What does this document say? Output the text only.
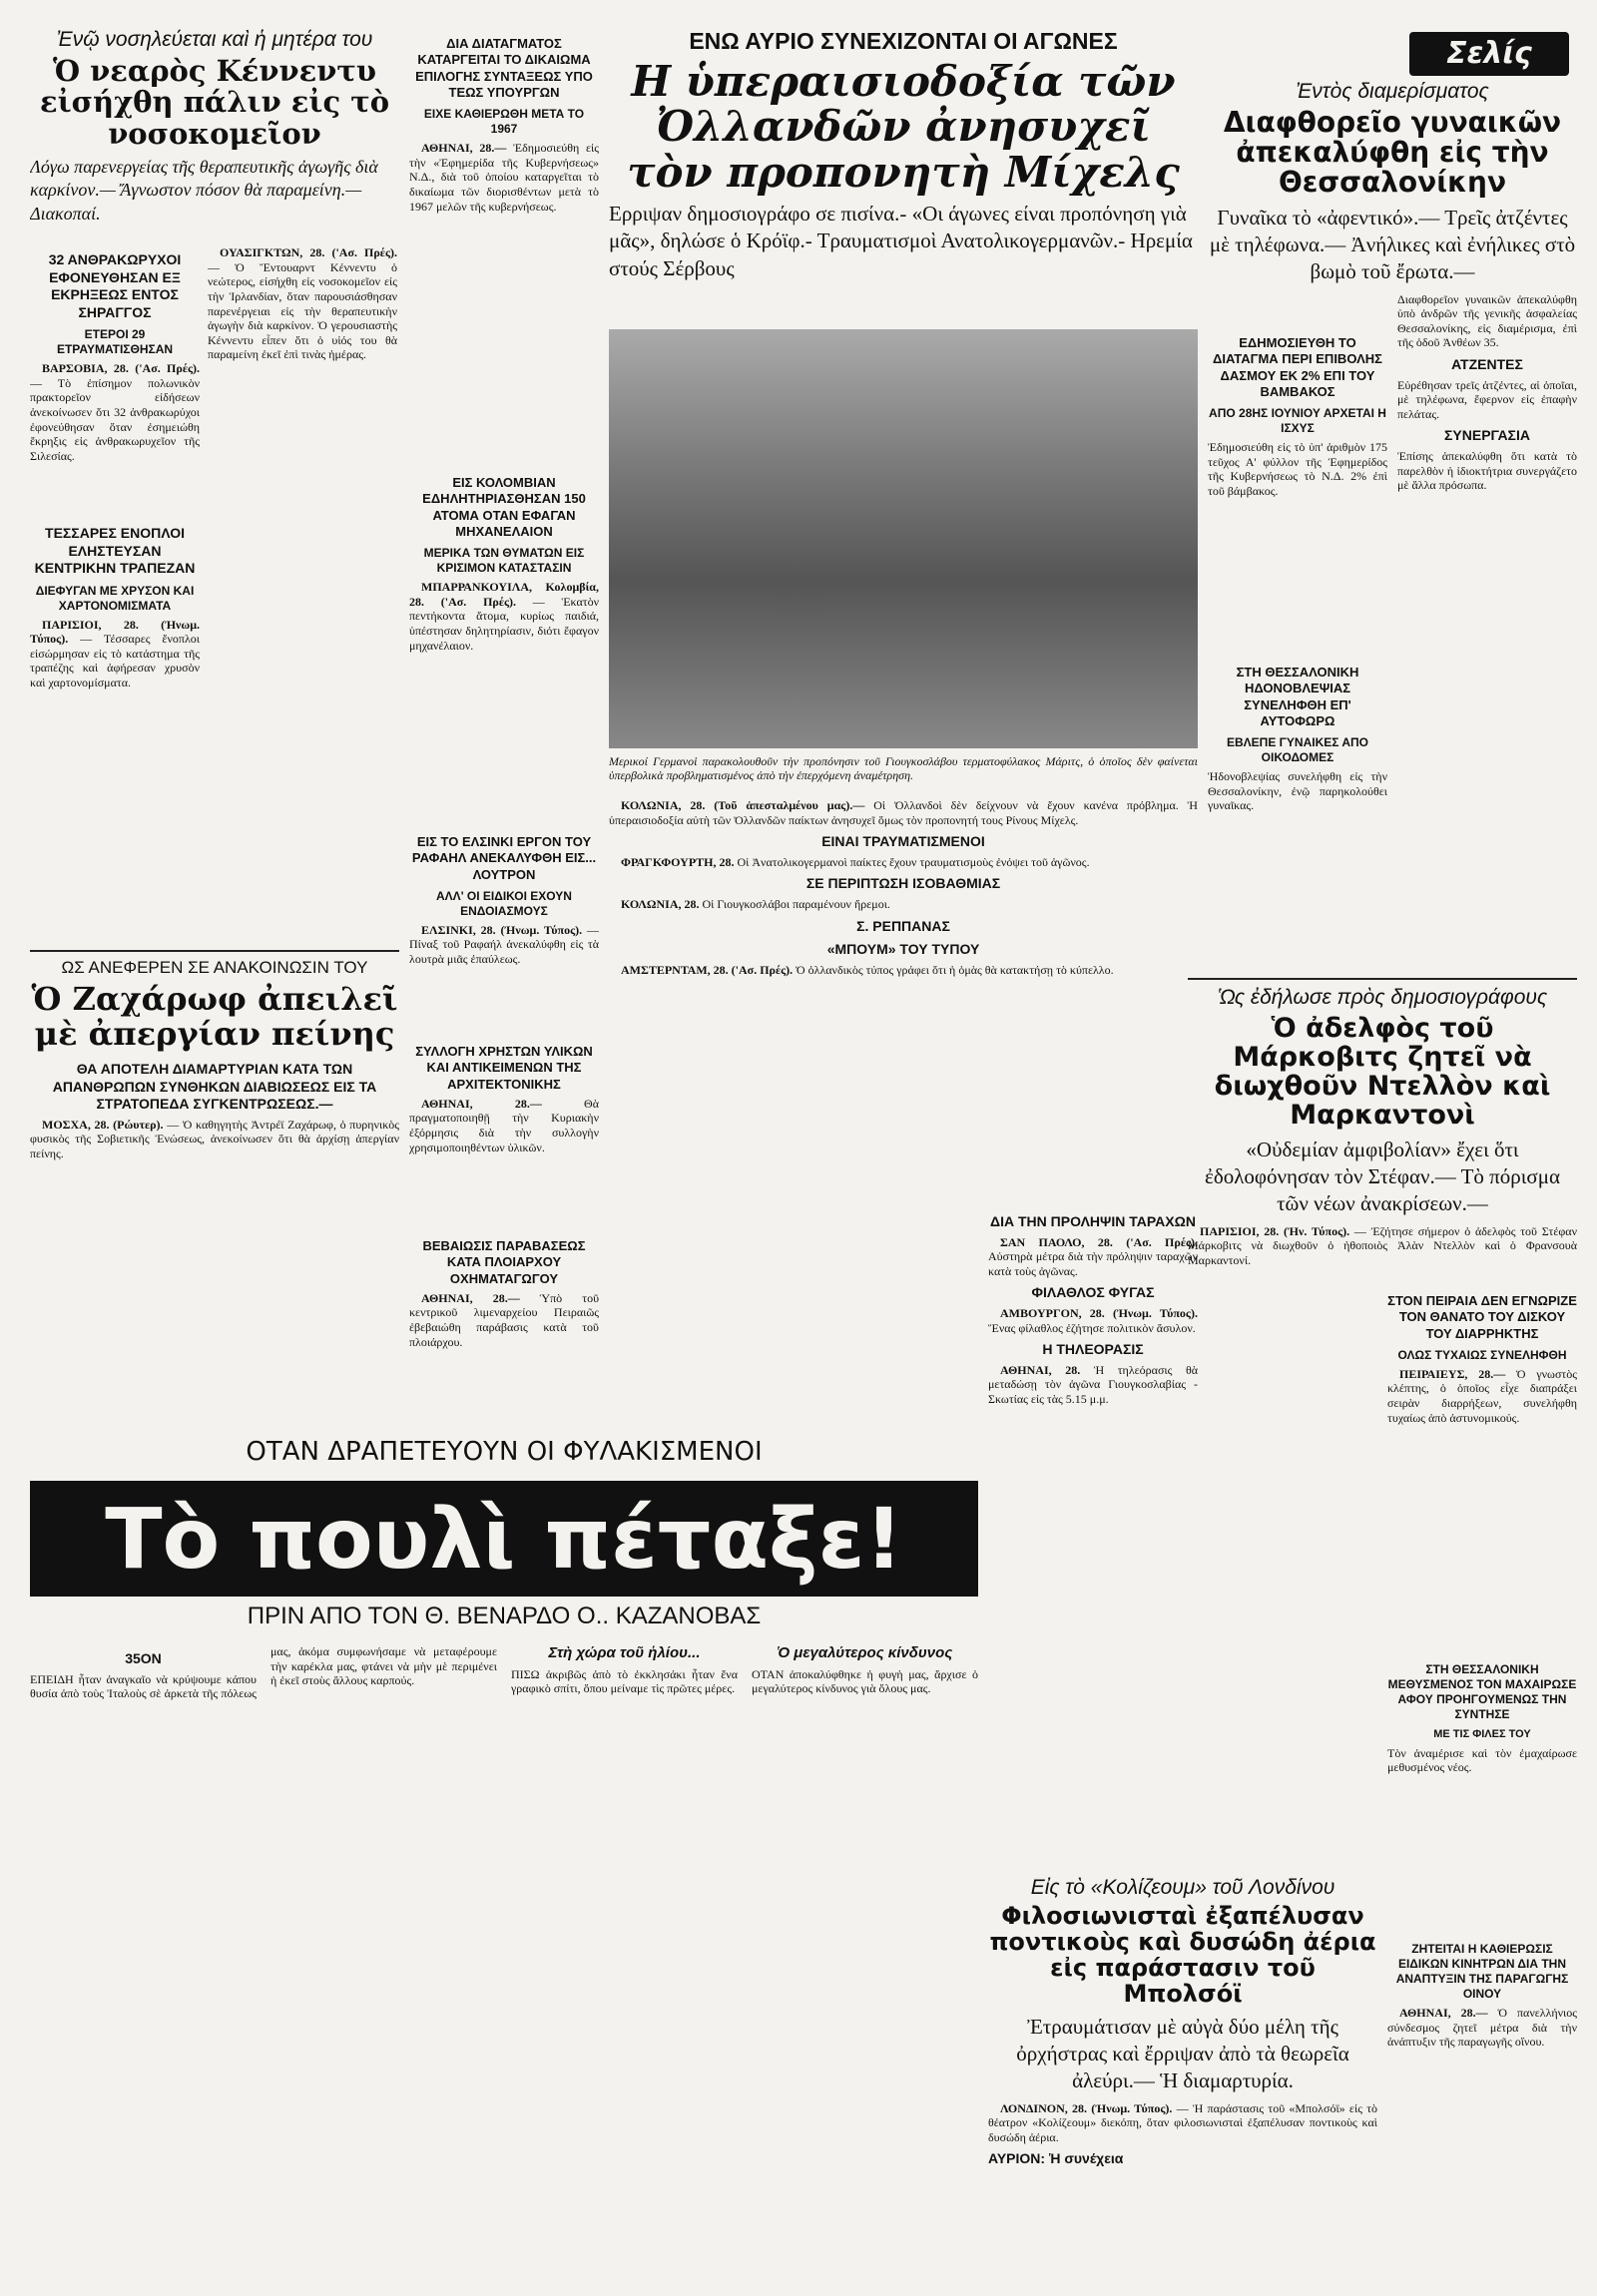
Ἐνῷ νοσηλεύεται καὶ ἡ μητέρα του
Ὁ νεαρὸς Κέννεντυ εἰσήχθη πάλιν εἰς τὸ νοσοκομεῖον
Λόγω παρενεργείας τῆς θεραπευτικῆς ἀγωγῆς διὰ καρκίνον.— Ἄγνωστον πόσον θὰ παραμείνη.—Διακοπαί.

ΟΥΑΣΙΓΚΤΩΝ, 28. ('Ασ. Πρές). — Ὁ Ἔντουαρντ Κέννεντυ ὁ νεώτερος, εἰσήχθη εἰς νοσοκομεῖον εἰς τὴν Ἰρλανδίαν, ὅταν παρουσιάσθησαν παρενέργειαι εἰς τὴν θεραπευτικὴν ἀγωγὴν διὰ καρκίνον. Ὁ γερουσιαστὴς Κέννεντυ εἶπεν ὅτι ὁ υἱός του θὰ παραμείνη ἐκεῖ ἐπὶ τινὰς ἡμέρας.

32 ΑΝΘΡΑΚΩΡΥΧΟΙ ΕΦΟΝΕΥΘΗΣΑΝ ΕΞ ΕΚΡΗΞΕΩΣ ΕΝΤΟΣ ΣΗΡΑΓΓΟΣ
ΕΤΕΡΟΙ 29 ΕΤΡΑΥΜΑΤΙΣΘΗΣΑΝ

ΒΑΡΣΟΒΙΑ, 28. ('Ασ. Πρές). — Τὸ ἐπίσημον πολωνικὸν πρακτορεῖον εἰδήσεων ἀνεκοίνωσεν ὅτι 32 ἀνθρακωρύχοι ἐφονεύθησαν ὅταν ἐσημειώθη ἔκρηξις εἰς ἀνθρακωρυχεῖον τῆς Σιλεσίας.

ΤΕΣΣΑΡΕΣ ΕΝΟΠΛΟΙ ΕΛΗΣΤΕΥΣΑΝ ΚΕΝΤΡΙΚΗΝ ΤΡΑΠΕΖΑΝ
ΔΙΕΦΥΓΑΝ ΜΕ ΧΡΥΣΟΝ ΚΑΙ ΧΑΡΤΟΝΟΜΙΣΜΑΤΑ

ΠΑΡΙΣΙΟΙ, 28. (Ἠνωμ. Τύπος). — Τέσσαρες ἔνοπλοι εἰσώρμησαν εἰς τὸ κατάστημα τῆς τραπέζης καὶ ἀφήρεσαν χρυσὸν καὶ χαρτονομίσματα.

ΔΙΑ ΔΙΑΤΑΓΜΑΤΟΣ ΚΑΤΑΡΓΕΙΤΑΙ ΤΟ ΔΙΚΑΙΩΜΑ ΕΠΙΛΟΓΗΣ ΣΥΝΤΑΞΕΩΣ ΥΠΟ ΤΕΩΣ ΥΠΟΥΡΓΩΝ
ΕΙΧΕ ΚΑΘΙΕΡΩΘΗ ΜΕΤΑ ΤΟ 1967

ΑΘΗΝΑΙ, 28.— Ἐδημοσιεύθη εἰς τὴν «Ἐφημερίδα τῆς Κυβερνήσεως» Ν.Δ., διὰ τοῦ ὁποίου καταργεῖται τὸ δικαίωμα τῶν διορισθέντων μετὰ τὸ 1967 μελῶν τῆς κυβερνήσεως.

ΕΙΣ ΚΟΛΟΜΒΙΑΝ ΕΔΗΛΗΤΗΡΙΑΣΘΗΣΑΝ 150 ΑΤΟΜΑ ΟΤΑΝ ΕΦΑΓΑΝ ΜΗΧΑΝΕΛΑΙΟΝ
ΜΕΡΙΚΑ ΤΩΝ ΘΥΜΑΤΩΝ ΕΙΣ ΚΡΙΣΙΜΟΝ ΚΑΤΑΣΤΑΣΙΝ

ΜΠΑΡΡΑΝΚΟΥΙΛΑ, Κολομβία, 28. ('Ασ. Πρές). — Ἑκατὸν πεντήκοντα ἄτομα, κυρίως παιδιά, ὑπέστησαν δηλητηρίασιν, διότι ἔφαγον μηχανέλαιον.

ΕΙΣ ΤΟ ΕΛΣΙΝΚΙ ΕΡΓΟΝ ΤΟΥ ΡΑΦΑΗΛ ΑΝΕΚΑΛΥΦΘΗ ΕΙΣ... ΛΟΥΤΡΟΝ
ΑΛΛ' ΟΙ ΕΙΔΙΚΟΙ ΕΧΟΥΝ ΕΝΔΟΙΑΣΜΟΥΣ

ΕΛΣΙΝΚΙ, 28. (Ἠνωμ. Τύπος). — Πίναξ τοῦ Ραφαήλ ἀνεκαλύφθη εἰς τὰ λουτρὰ μιᾶς ἐπαύλεως.

ΣΥΛΛΟΓΗ ΧΡΗΣΤΩΝ ΥΛΙΚΩΝ ΚΑΙ ΑΝΤΙΚΕΙΜΕΝΩΝ ΤΗΣ ΑΡΧΙΤΕΚΤΟΝΙΚΗΣ

ΑΘΗΝΑΙ, 28.—	Θὰ πραγματοποιηθῇ τὴν Κυριακὴν ἐξόρμησις διὰ τὴν συλλογὴν χρησιμοποιηθέντων ὑλικῶν.

ΒΕΒΑΙΩΣΙΣ ΠΑΡΑΒΑΣΕΩΣ ΚΑΤΑ ΠΛΟΙΑΡΧΟΥ ΟΧΗΜΑΤΑΓΩΓΟΥ

ΑΘΗΝΑΙ, 28.— Ὑπὸ τοῦ κεντρικοῦ λιμεναρχείου Πειραιῶς ἐβεβαιώθη παράβασις κατὰ τοῦ πλοιάρχου.

ΩΣ ΑΝΕΦΕΡΕΝ ΣΕ ΑΝΑΚΟΙΝΩΣΙΝ ΤΟΥ
Ὁ Ζαχάρωφ ἀπειλεῖ μὲ ἀπεργίαν πείνης
ΘΑ ΑΠΟΤΕΛΗ ΔΙΑΜΑΡΤΥΡΙΑΝ ΚΑΤΑ ΤΩΝ ΑΠΑΝΘΡΩΠΩΝ ΣΥΝΘΗΚΩΝ ΔΙΑΒΙΩΣΕΩΣ ΕΙΣ ΤΑ ΣΤΡΑΤΟΠΕΔΑ ΣΥΓΚΕΝΤΡΩΣΕΩΣ.—

ΜΟΣΧΑ, 28. (Ρώυτερ). — Ὁ καθηγητὴς Ἀντρέϊ Ζαχάρωφ, ὁ πυρηνικὸς φυσικὸς τῆς Σοβιετικῆς Ἑνώσεως, ἀνεκοίνωσεν ὅτι θὰ ἀρχίσῃ ἀπεργίαν πείνης.

ΕΝΩ ΑΥΡΙΟ ΣΥΝΕΧΙΖΟΝΤΑΙ ΟΙ ΑΓΩΝΕΣ
Η ὑπεραισιοδοξία τῶν Ὀλλανδῶν ἀνησυχεῖ τὸν προπονητὴ Μίχελς
Ερριψαν δημοσιογράφο σε πισίνα.- «Οι άγωνες είναι προπόνηση γιὰ μᾶς», δηλώσε ὁ Κρόϊφ.- Τραυματισμοὶ Ανατολικογερμανῶν.- Ηρεμία στούς Σέρβους
Μερικοί Γερμανοὶ παρακολουθοῦν τὴν προπόνησιν τοῦ Γιουγκοσλάβου τερματοφύλακος Μάριτς, ὁ ὁποῖος δὲν φαίνεται ὑπερβολικὰ προβληματισμένος ἀπὸ τὴν ἐπερχόμενη ἀναμέτρηση.

ΚΟΛΩΝΙΑ, 28. (Τοῦ ἀπεσταλμένου μας).— Οἱ Ὀλλανδοὶ δὲν δείχνουν νὰ ἔχουν κανένα πρόβλημα. Ἡ ὑπεραισιοδοξία αὐτὴ τῶν Ὀλλανδῶν παίκτων ἀνησυχεῖ ὅμως τὸν προπονητή τους Ρίνους Μίχελς.

ΕΙΝΑΙ ΤΡΑΥΜΑΤΙΣΜΕΝΟΙ

ΦΡΑΓΚΦΟΥΡΤΗ, 28. Οἱ Ἀνατολικογερμανοὶ παίκτες ἔχουν τραυματισμοὺς ἐνόψει τοῦ ἀγῶνος.

ΣΕ ΠΕΡΙΠΤΩΣΗ ΙΣΟΒΑΘΜΙΑΣ

ΚΟΛΩΝΙΑ, 28. Οἱ Γιουγκοσλάβοι παραμένουν ἤρεμοι.

Σ. ΡΕΠΠΑΝΑΣ
«ΜΠΟΥΜ» ΤΟΥ ΤΥΠΟΥ

ΑΜΣΤΕΡΝΤΑΜ, 28. ('Ασ. Πρές). Ὁ ὀλλανδικὸς τύπος γράφει ὅτι ἡ ὁμὰς θὰ κατακτήσῃ τὸ κύπελλο.

ΔΙΑ ΤΗΝ ΠΡΟΛΗΨΙΝ ΤΑΡΑΧΩΝ

ΣΑΝ ΠΑΟΛΟ, 28. ('Ασ. Πρές). Αὐστηρὰ μέτρα διὰ τὴν πρόληψιν ταραχῶν κατὰ τοὺς ἀγῶνας.

ΦΙΛΑΘΛΟΣ ΦΥΓΑΣ

ΑΜΒΟΥΡΓΟΝ, 28. (Ἠνωμ. Τύπος). Ἕνας φίλαθλος ἐζήτησε πολιτικὸν ἄσυλον.

Η ΤΗΛΕΟΡΑΣΙΣ

ΑΘΗΝΑΙ, 28. Ἡ τηλεόρασις θὰ μεταδώσῃ τὸν ἀγῶνα Γιουγκοσλαβίας - Σκωτίας εἰς τὰς 5.15 μ.μ.

Σελίς
Ἐντὸς διαμερίσματος
Διαφθορεῖο γυναικῶν ἀπεκαλύφθη εἰς τὴν Θεσσαλονίκην
Γυναῖκα τὸ «ἀφεντικό».— Τρεῖς ἀτζέντες μὲ τηλέφωνα.— Ἀνήλικες καὶ ἐνήλικες στὸ βωμὸ τοῦ ἔρωτα.—
Διαφθορεῖον γυναικῶν ἀπεκαλύφθη ὑπὸ ἀνδρῶν τῆς γενικῆς ἀσφαλείας Θεσσαλονίκης, εἰς διαμέρισμα, ἐπὶ τῆς ὁδοῦ Ἀνθέων 35.
ΑΤΖΕΝΤΕΣ
Εὑρέθησαν τρεῖς ἀτζέντες, αἱ ὁποῖαι, μὲ τηλέφωνα, ἔφερνον εἰς ἐπαφὴν πελάτας.
ΣΥΝΕΡΓΑΣΙΑ
Ἐπίσης ἀπεκαλύφθη ὅτι κατὰ τὸ παρελθὸν ἡ ἰδιοκτήτρια συνεργάζετο μὲ ἄλλα πρόσωπα.
ΕΔΗΜΟΣΙΕΥΘΗ ΤΟ ΔΙΑΤΑΓΜΑ ΠΕΡΙ ΕΠΙΒΟΛΗΣ ΔΑΣΜΟΥ ΕΚ 2% ΕΠΙ ΤΟΥ ΒΑΜΒΑΚΟΣ
ΑΠΟ 28ΗΣ ΙΟΥΝΙΟΥ ΑΡΧΕΤΑΙ Η ΙΣΧΥΣ
Ἐδημοσιεύθη εἰς τὸ ὑπ' ἀριθμὸν 175 τεῦχος Α' φύλλον τῆς Ἐφημερίδος τῆς Κυβερνήσεως τὸ Ν.Δ. 2% ἐπὶ τοῦ βάμβακος.
ΣΤΗ ΘΕΣΣΑΛΟΝΙΚΗ ΗΔΟΝΟΒΛΕΨΙΑΣ ΣΥΝΕΛΗΦΘΗ ΕΠ' ΑΥΤΟΦΩΡΩ
ΕΒΛΕΠΕ ΓΥΝΑΙΚΕΣ ΑΠΟ ΟΙΚΟΔΟΜΕΣ
Ἡδονοβλεψίας συνελήφθη εἰς τὴν Θεσσαλονίκην, ἐνῷ παρηκολούθει γυναῖκας.
Ὡς ἐδήλωσε πρὸς δημοσιογράφους
Ὁ ἀδελφὸς τοῦ Μάρκοβιτς ζητεῖ νὰ διωχθοῦν Ντελλὸν καὶ Μαρκαντονὶ
«Οὐδεμίαν ἀμφιβολίαν» ἔχει ὅτι ἐδολοφόνησαν τὸν Στέφαν.— Τὸ πόρισμα τῶν νέων ἀνακρίσεων.—

ΠΑΡΙΣΙΟΙ, 28. (Ἠν. Τύπος). — Ἐζήτησε σήμερον ὁ ἀδελφὸς τοῦ Στέφαν Μάρκοβιτς νὰ διωχθοῦν ὁ ἠθοποιὸς Ἀλὰν Ντελλὸν καὶ ὁ Φρανσουὰ Μαρκαντονί.

ΣΤΟΝ ΠΕΙΡΑΙΑ ΔΕΝ ΕΓΝΩΡΙΖΕ ΤΟΝ ΘΑΝΑΤΟ ΤΟΥ ΔΙΣΚΟΥ ΤΟΥ ΔΙΑΡΡΗΚΤΗΣ
ΟΛΩΣ ΤΥΧΑΙΩΣ ΣΥΝΕΛΗΦΘΗ

ΠΕΙΡΑΙΕΥΣ, 28.— Ὁ γνωστὸς κλέπτης, ὁ ὁποῖος εἶχε διαπράξει σειρὰν διαρρήξεων, συνελήφθη τυχαίως ἀπὸ ἀστυνομικούς.

ΣΤΗ ΘΕΣΣΑΛΟΝΙΚΗ ΜΕΘΥΣΜΕΝΟΣ ΤΟΝ ΜΑΧΑΙΡΩΣΕ ΑΦΟΥ ΠΡΟΗΓΟΥΜΕΝΩΣ ΤΗΝ ΣΥΝΤΗΣΕ
ΜΕ ΤΙΣ ΦΙΛΕΣ ΤΟΥ
Τὸν ἀναμέρισε καὶ τὸν ἐμαχαίρωσε μεθυσμένος νέος.
ΖΗΤΕΙΤΑΙ Η ΚΑΘΙΕΡΩΣΙΣ ΕΙΔΙΚΩΝ ΚΙΝΗΤΡΩΝ ΔΙΑ ΤΗΝ ΑΝΑΠΤΥΞΙΝ ΤΗΣ ΠΑΡΑΓΩΓΗΣ ΟΙΝΟΥ

ΑΘΗΝΑΙ, 28.— Ὁ πανελλήνιος σύνδεσμος ζητεῖ μέτρα διὰ τὴν ἀνάπτυξιν τῆς παραγωγῆς οἴνου.

ΟΤΑΝ ΔΡΑΠΕΤΕΥΟΥΝ ΟΙ ΦΥΛΑΚΙΣΜΕΝΟΙ
Τὸ πουλὶ πέταξε!
ΠΡΙΝ ΑΠΟ ΤΟΝ Θ. ΒΕΝΑΡΔΟ Ο.. ΚΑΖΑΝΟΒΑΣ
35ΟΝ
ΕΠΕΙΔΗ ἦταν ἀναγκαῖο νὰ κρύψουμε κάπου θυσία ἀπὸ τοὺς Ἰταλοὺς σὲ ἀρκετὰ τῆς πόλεως μας, ἀκόμα συμφωνήσαμε νὰ μεταφέρουμε τὴν καρέκλα μας, φτάνει νὰ μὴν μὲ περιμένει ἡ ἐκεῖ στοὺς ἄλλους καρπούς.
Στὴ χώρα τοῦ ἡλίου...
ΠΙΣΩ ἀκριβῶς ἀπὸ τὸ ἐκκλησάκι ἦταν ἕνα γραφικὸ σπίτι, ὅπου μείναμε τὶς πρῶτες μέρες.
Ὁ μεγαλύτερος κίνδυνος
ΟΤΑΝ ἀποκαλύφθηκε ἡ φυγὴ μας, ἄρχισε ὁ μεγαλύτερος κίνδυνος γιὰ ὅλους μας.
Εἰς τὸ «Κολίζεουμ» τοῦ Λονδίνου
Φιλοσιωνισταὶ ἐξαπέλυσαν ποντικοὺς καὶ δυσώδη ἀέρια εἰς παράστασιν τοῦ Μπολσόϊ
Ἐτραυμάτισαν μὲ αὐγὰ δύο μέλη τῆς ὀρχήστρας καὶ ἔρριψαν ἀπὸ τὰ θεωρεῖα ἀλεύρι.— Ἡ διαμαρτυρία.

ΛΟΝΔΙΝΟΝ, 28. (Ἠνωμ. Τύπος). — Ἡ παράστασις τοῦ «Μπολσόϊ» εἰς τὸ θέατρον «Κολίζεουμ» διεκόπη, ὅταν φιλοσιωνισταὶ ἐξαπέλυσαν ποντικοὺς καὶ δυσώδη ἀέρια.

ΑΥΡΙΟΝ: Ἡ συνέχεια
